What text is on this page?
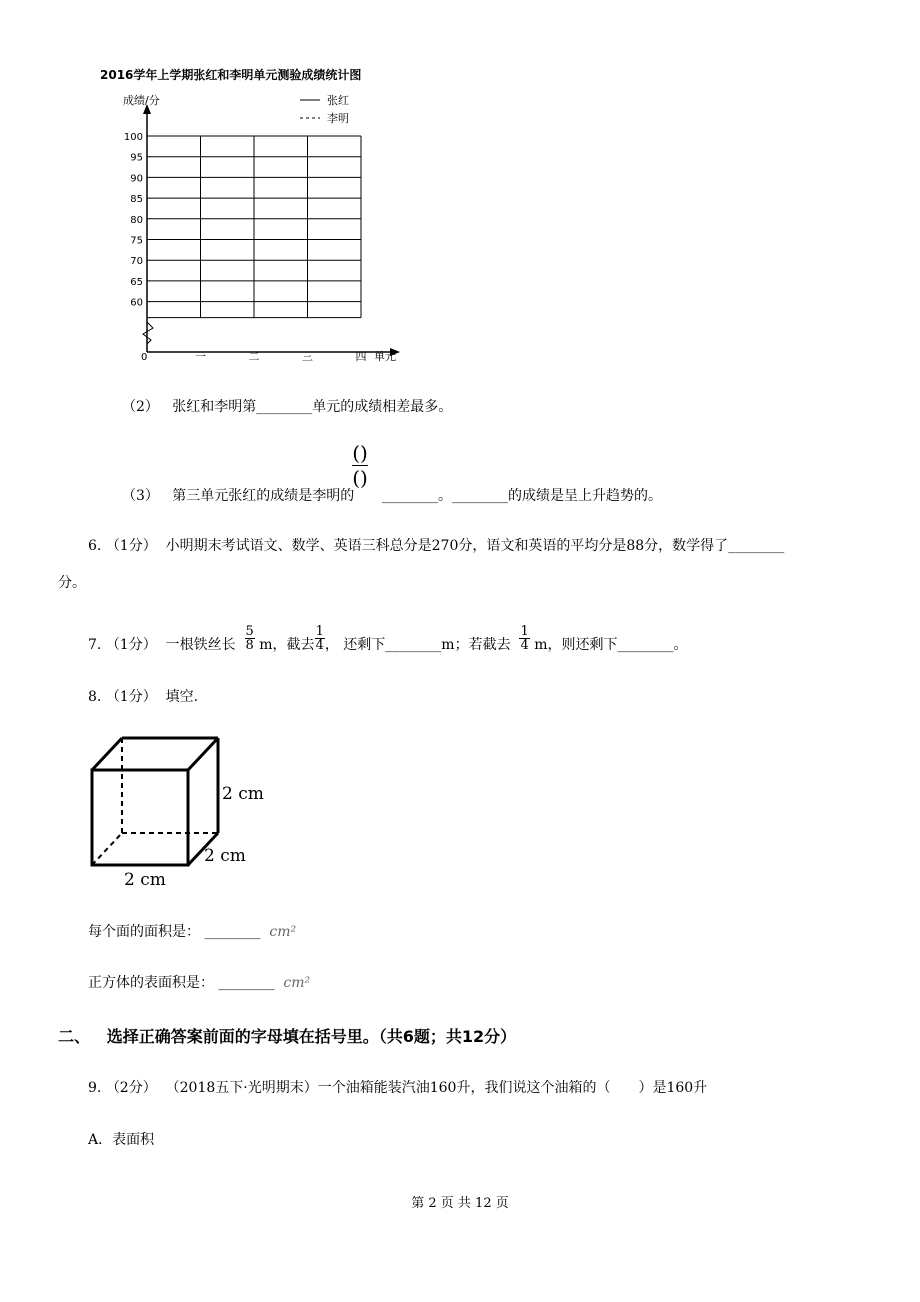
2016学年上学期张红和李明单元测验成绩统计图
100
95
90
85
80
75
70
65
60
一	二	三	四
成绩/分	张红
李明
0	单元
（2） 张红和李明第________单元的成绩相差最多。
()
()
（3） 第三单元张红的成绩是李明的 ________。________的成绩是呈上升趋势的。
6. （1分） 小明期末考试语文、数学、英语三科总分是270分，语文和英语的平均分是88分，数学得了________
分。
7. （1分） 一根铁丝长 $\frac{5}{8}$ m，截去 $\frac{1}{4}$ ， 还剩下________m；若截去 $\frac{1}{4}$ m，则还剩下________。
8. （1分） 填空.
2 cm
2 cm
2 cm
每个面的面积是： ________ cm²
正方体的表面积是： ________ cm²
二、 选择正确答案前面的字母填在括号里。（共6题；共12分）
9. （2分） （2018五下·光明期末）一个油箱能装汽油160升，我们说这个油箱的（　　）是160升
A．表面积
第 2 页 共 12 页
